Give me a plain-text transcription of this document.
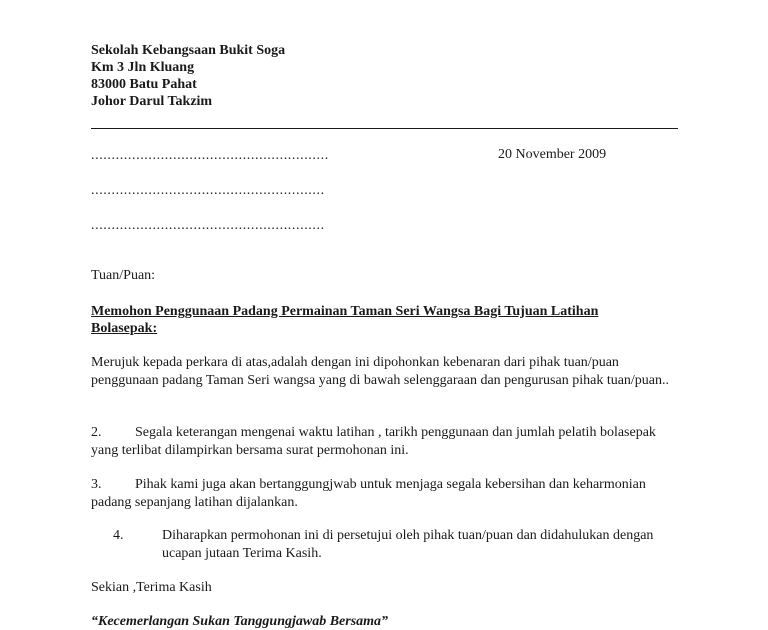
Sekolah Kebangsaan Bukit Soga
Km 3 Jln Kluang
83000 Batu Pahat
Johor Darul Takzim
..........................................................
.........................................................
.........................................................
20 November 2009
Tuan/Puan:
Memohon Penggunaan Padang Permainan Taman Seri Wangsa Bagi Tujuan Latihan Bolasepak:
Merujuk kepada perkara di atas,adalah dengan ini dipohonkan kebenaran dari pihak tuan/puan penggunaan padang Taman Seri wangsa yang di bawah selenggaraan dan pengurusan pihak tuan/puan..
2. Segala keterangan mengenai waktu latihan , tarikh penggunaan dan jumlah pelatih bolasepak yang terlibat dilampirkan bersama surat permohonan ini.
3. Pihak kami juga akan bertanggungjwab untuk menjaga segala kebersihan dan keharmonian padang sepanjang latihan dijalankan.
4.	Diharapkan permohonan ini di persetujui oleh pihak tuan/puan dan didahulukan dengan ucapan jutaan Terima Kasih.
Sekian ,Terima Kasih
“Kecemerlangan Sukan Tanggungjawab Bersama”
